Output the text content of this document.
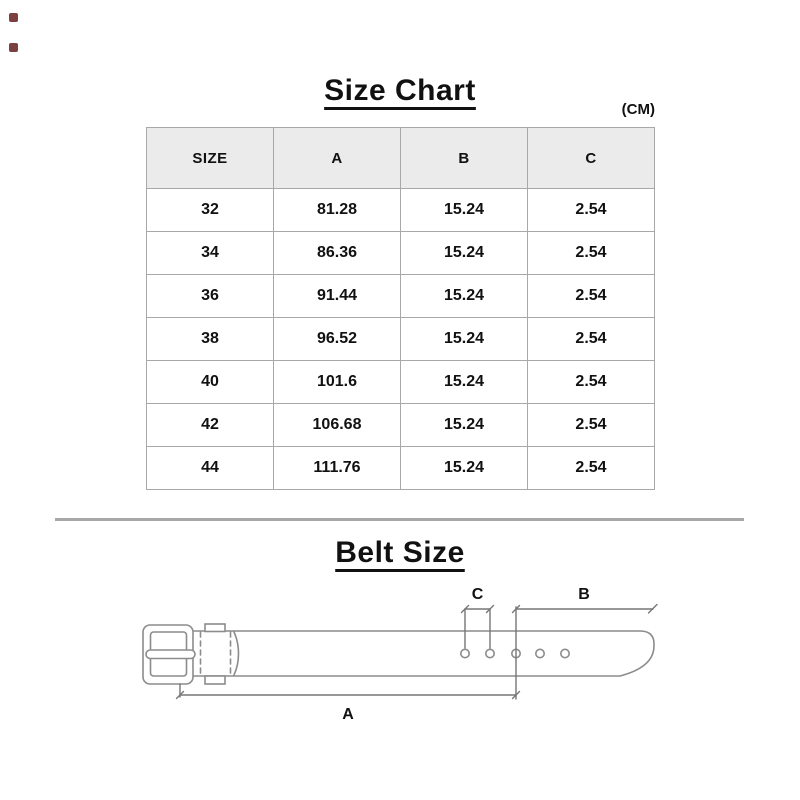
Size Chart
(CM)
SIZE	A	B	C
32	81.28	15.24	2.54
34	86.36	15.24	2.54
36	91.44	15.24	2.54
38	96.52	15.24	2.54
40	101.6	15.24	2.54
42	106.68	15.24	2.54
44	111.76	15.24	2.54
Belt Size
C	B
A
